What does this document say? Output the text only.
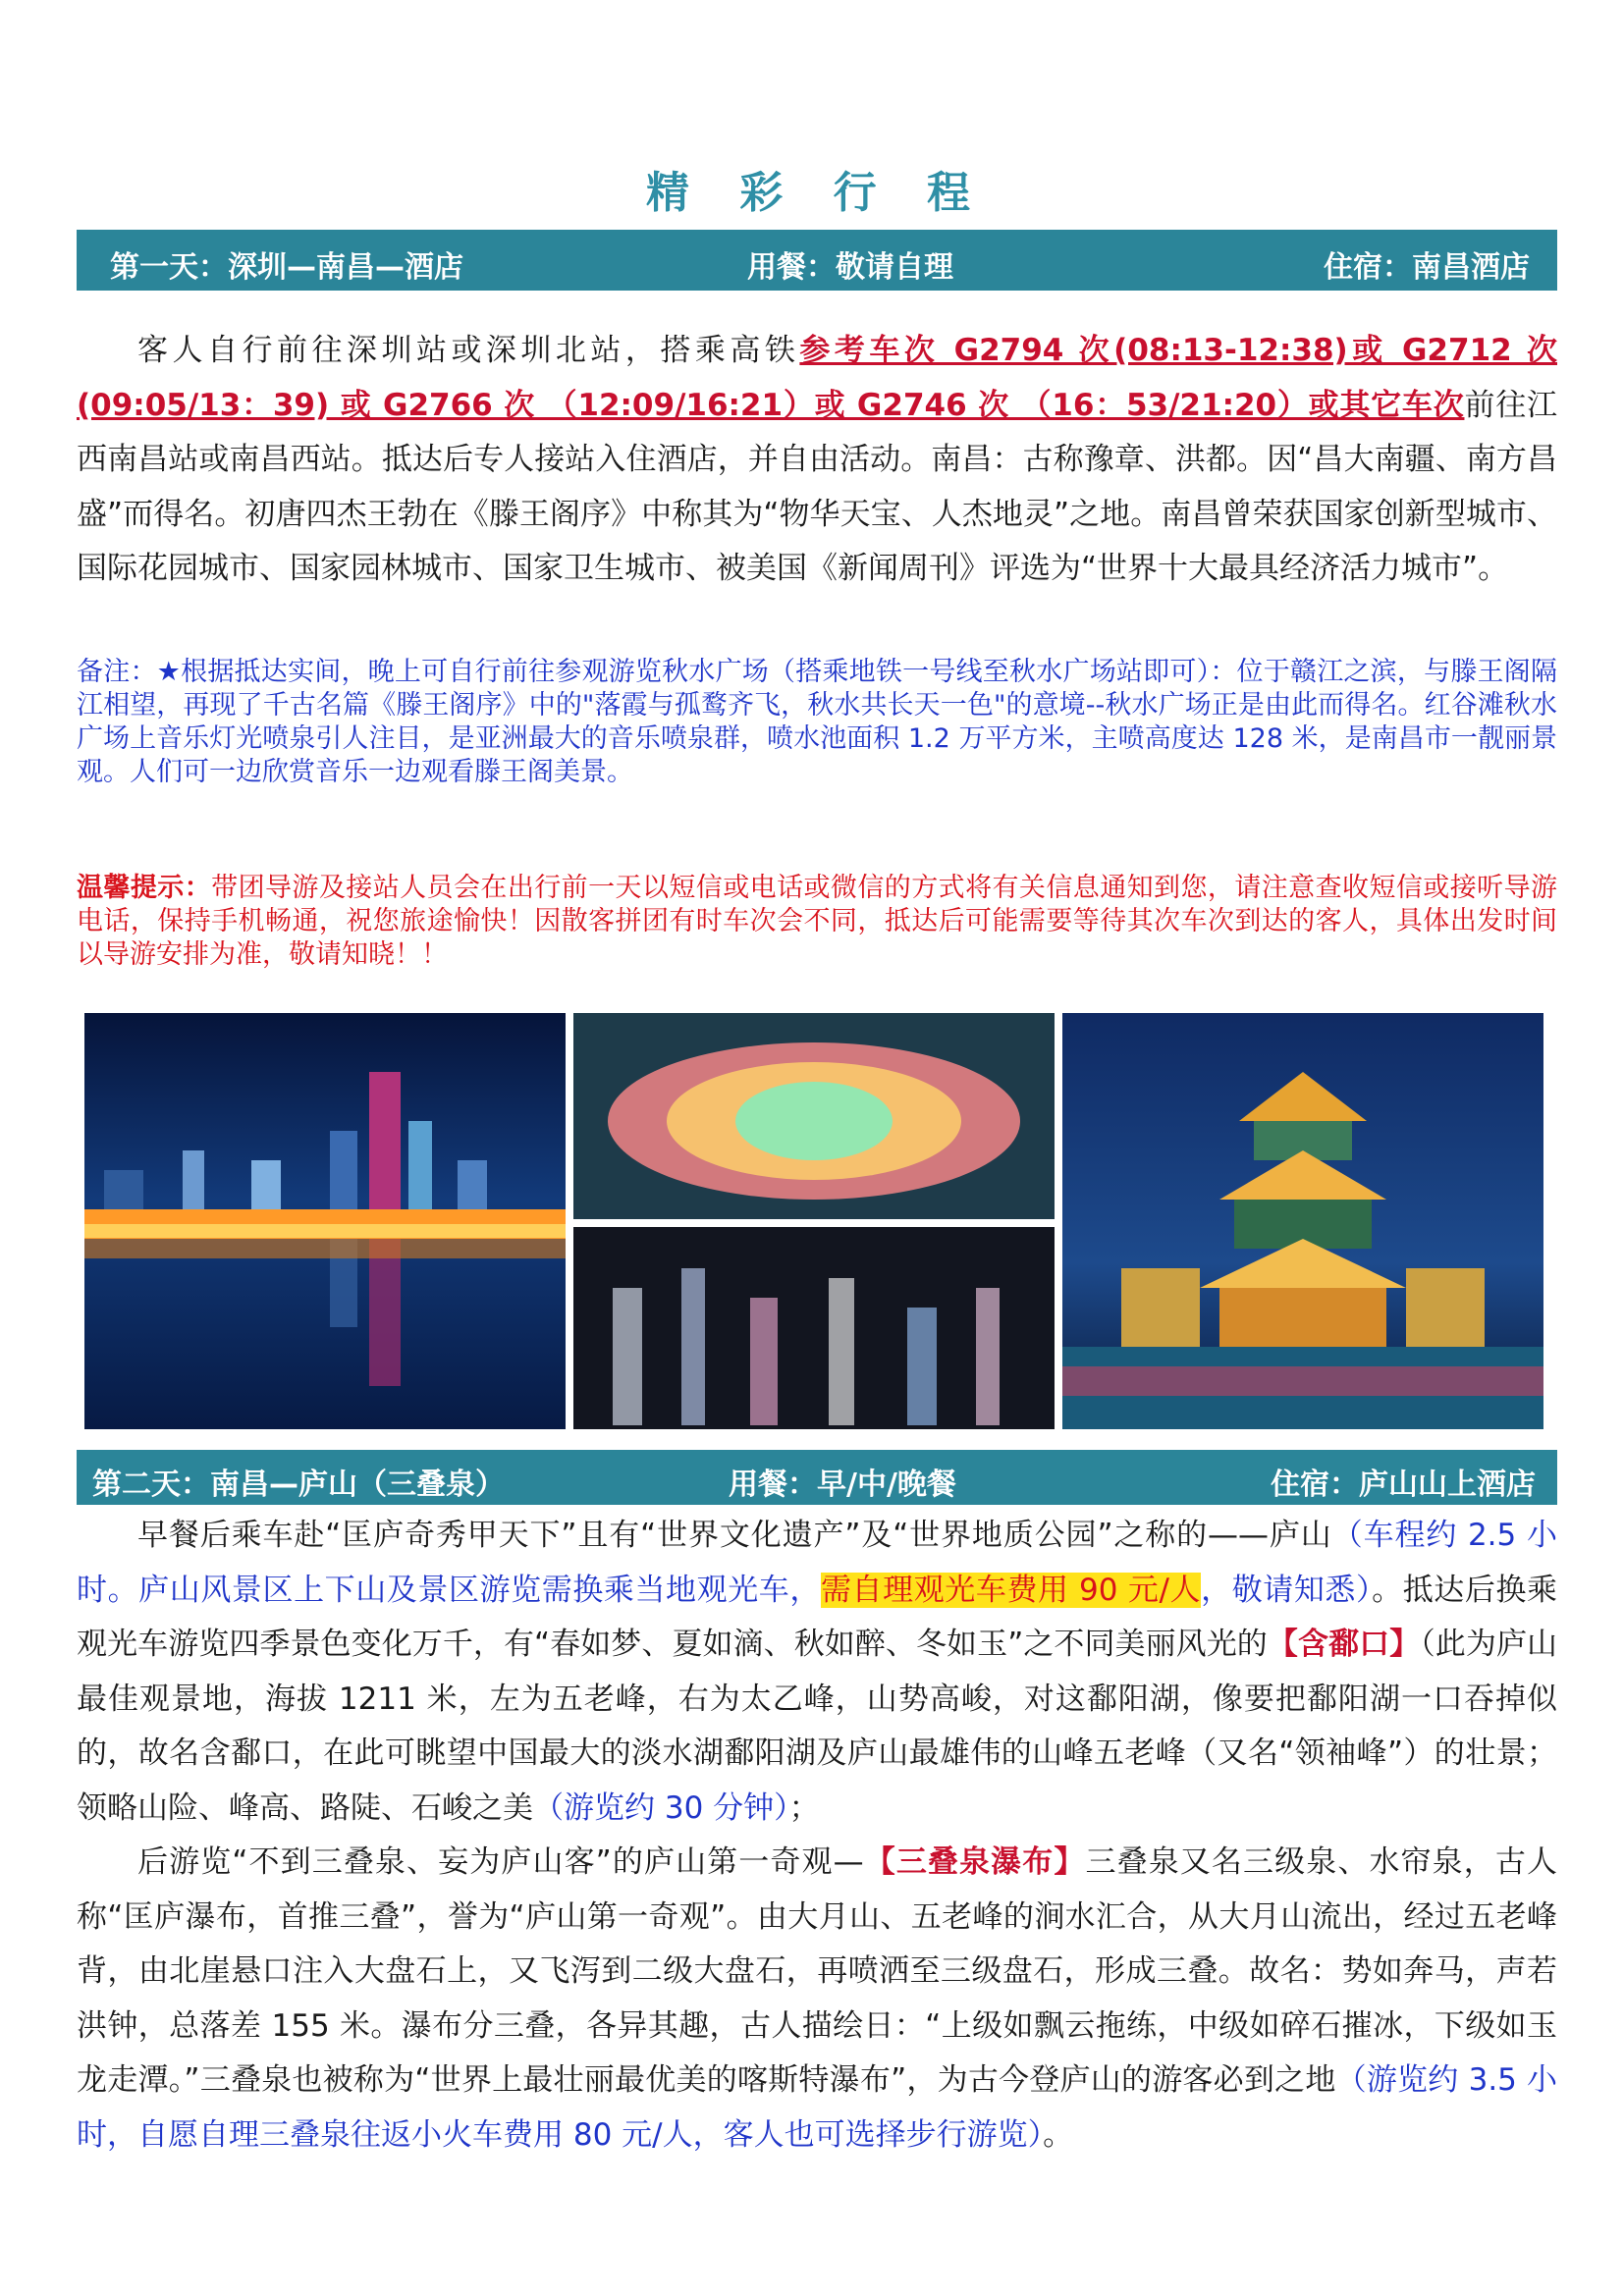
精 彩 行 程
第一天：深圳—南昌—酒店	用餐：敬请自理	住宿：南昌酒店
客人自行前往深圳站或深圳北站，搭乘高铁参考车次 G2794 次(08:13-12:38)或 G2712 次(09:05/13：39) 或 G2766 次 （12:09/16:21）或 G2746 次 （16：53/21:20）或其它车次前往江西南昌站或南昌西站。抵达后专人接站入住酒店，并自由活动。南昌：古称豫章、洪都。因“昌大南疆、南方昌盛”而得名。初唐四杰王勃在《滕王阁序》中称其为“物华天宝、人杰地灵”之地。南昌曾荣获国家创新型城市、国际花园城市、国家园林城市、国家卫生城市、被美国《新闻周刊》评选为“世界十大最具经济活力城市”。
备注：★根据抵达实间，晚上可自行前往参观游览秋水广场（搭乘地铁一号线至秋水广场站即可）：位于赣江之滨，与滕王阁隔江相望，再现了千古名篇《滕王阁序》中的"落霞与孤鹜齐飞，秋水共长天一色"的意境--秋水广场正是由此而得名。红谷滩秋水广场上音乐灯光喷泉引人注目，是亚洲最大的音乐喷泉群，喷水池面积 1.2 万平方米，主喷高度达 128 米，是南昌市一靓丽景观。人们可一边欣赏音乐一边观看滕王阁美景。
温馨提示：带团导游及接站人员会在出行前一天以短信或电话或微信的方式将有关信息通知到您，请注意查收短信或接听导游电话，保持手机畅通，祝您旅途愉快！因散客拼团有时车次会不同，抵达后可能需要等待其次车次到达的客人，具体出发时间以导游安排为准，敬请知晓！！
第二天：南昌—庐山（三叠泉）	用餐：早/中/晚餐	住宿：庐山山上酒店
早餐后乘车赴“匡庐奇秀甲天下”且有“世界文化遗产”及“世界地质公园”之称的——庐山（车程约 2.5 小时。庐山风景区上下山及景区游览需换乘当地观光车，需自理观光车费用 90 元/人，敬请知悉）。抵达后换乘观光车游览四季景色变化万千，有“春如梦、夏如滴、秋如醉、冬如玉”之不同美丽风光的【含鄱口】（此为庐山最佳观景地，海拔 1211 米，左为五老峰，右为太乙峰，山势高峻，对这鄱阳湖，像要把鄱阳湖一口吞掉似的，故名含鄱口，在此可眺望中国最大的淡水湖鄱阳湖及庐山最雄伟的山峰五老峰（又名“领袖峰”）的壮景；领略山险、峰高、路陡、石峻之美（游览约 30 分钟）；
后游览“不到三叠泉、妄为庐山客”的庐山第一奇观—【三叠泉瀑布】三叠泉又名三级泉、水帘泉，古人称“匡庐瀑布，首推三叠”，誉为“庐山第一奇观”。由大月山、五老峰的涧水汇合，从大月山流出，经过五老峰背，由北崖悬口注入大盘石上，又飞泻到二级大盘石，再喷洒至三级盘石，形成三叠。故名：势如奔马，声若洪钟，总落差 155 米。瀑布分三叠，各异其趣，古人描绘日：“上级如飘云拖练，中级如碎石摧冰，下级如玉龙走潭。”三叠泉也被称为“世界上最壮丽最优美的喀斯特瀑布”，为古今登庐山的游客必到之地（游览约 3.5 小时，自愿自理三叠泉往返小火车费用 80 元/人，客人也可选择步行游览）。
